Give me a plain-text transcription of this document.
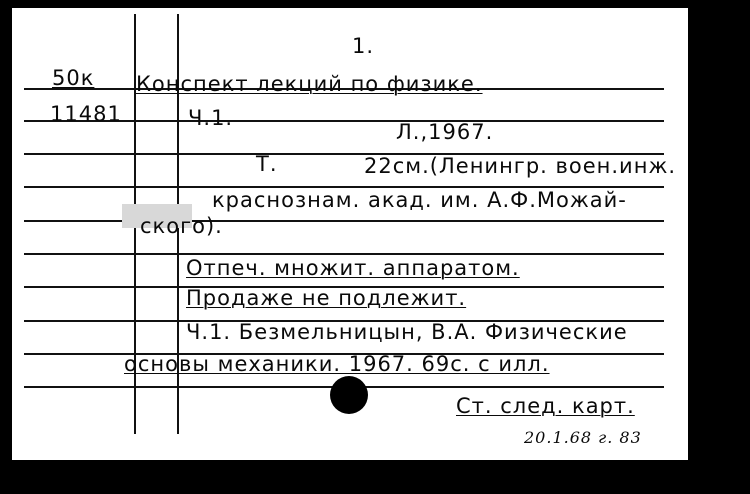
1.
50к Конспект лекций по физике.
11481	Ч.1.
Л.,1967.
Т.	22см.(Ленингр. воен.инж.
краснознам. акад. им. А.Ф.Можай-
ского).
Отпеч. множит. аппаратом.
Продаже не подлежит.
Ч.1. Безмельницын, В.А. Физические
основы механики. 1967. 69с. с илл.
Ст. след. карт.
20.1.68 г. 83
